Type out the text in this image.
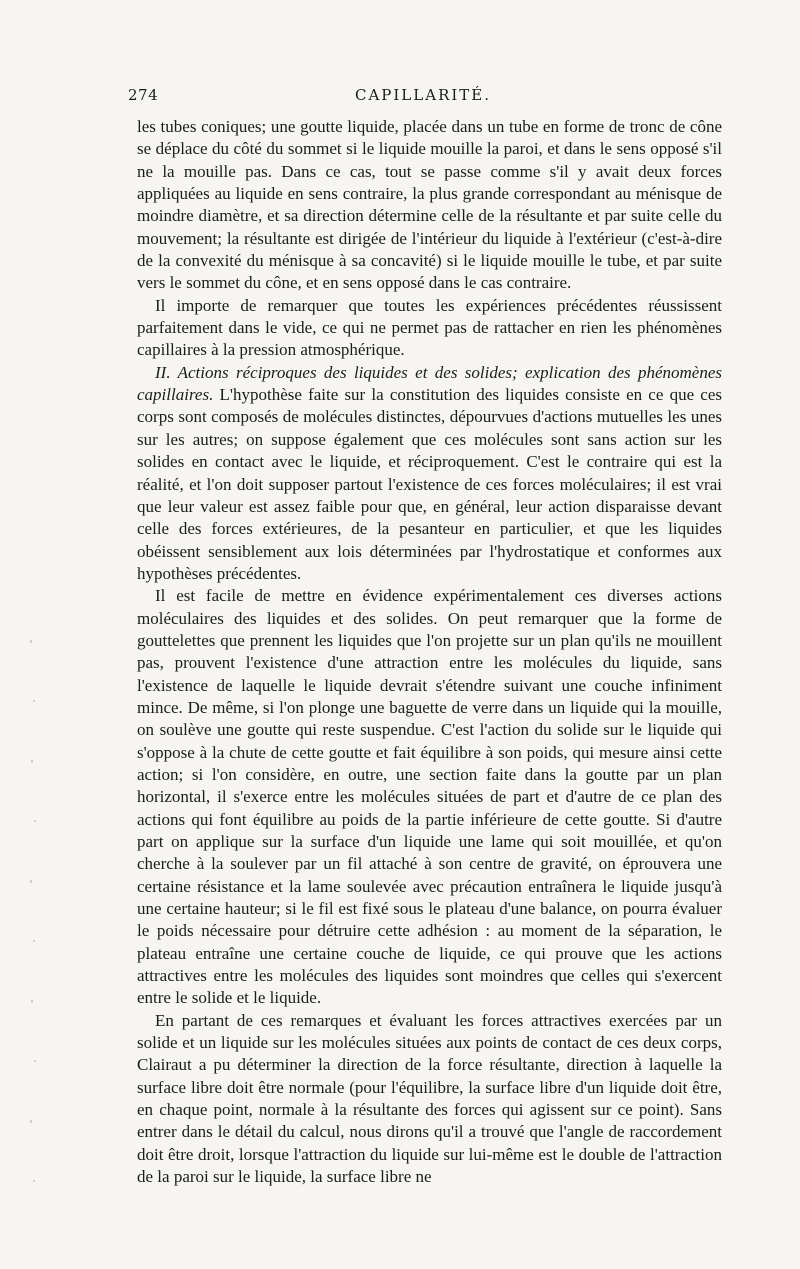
274	CAPILLARITÉ.

les tubes coniques; une goutte liquide, placée dans un tube en forme de tronc de cône se déplace du côté du sommet si le liquide mouille la paroi, et dans le sens opposé s'il ne la mouille pas. Dans ce cas, tout se passe comme s'il y avait deux forces appliquées au liquide en sens contraire, la plus grande correspondant au ménisque de moindre diamètre, et sa direction détermine celle de la résultante et par suite celle du mouvement; la résultante est dirigée de l'intérieur du liquide à l'extérieur (c'est-à-dire de la convexité du ménisque à sa concavité) si le liquide mouille le tube, et par suite vers le sommet du cône, et en sens opposé dans le cas contraire.

Il importe de remarquer que toutes les expériences précédentes réussissent parfaitement dans le vide, ce qui ne permet pas de rattacher en rien les phénomènes capillaires à la pression atmosphérique.

II. Actions réciproques des liquides et des solides; explication des phénomènes capillaires. L'hypothèse faite sur la constitution des liquides consiste en ce que ces corps sont composés de molécules distinctes, dépourvues d'actions mutuelles les unes sur les autres; on suppose également que ces molécules sont sans action sur les solides en contact avec le liquide, et réciproquement. C'est le contraire qui est la réalité, et l'on doit supposer partout l'existence de ces forces moléculaires; il est vrai que leur valeur est assez faible pour que, en général, leur action disparaisse devant celle des forces extérieures, de la pesanteur en particulier, et que les liquides obéissent sensiblement aux lois déterminées par l'hydrostatique et conformes aux hypothèses précédentes.

Il est facile de mettre en évidence expérimentalement ces diverses actions moléculaires des liquides et des solides. On peut remarquer que la forme de gouttelettes que prennent les liquides que l'on projette sur un plan qu'ils ne mouillent pas, prouvent l'existence d'une attraction entre les molécules du liquide, sans l'existence de laquelle le liquide devrait s'étendre suivant une couche infiniment mince. De même, si l'on plonge une baguette de verre dans un liquide qui la mouille, on soulève une goutte qui reste suspendue. C'est l'action du solide sur le liquide qui s'oppose à la chute de cette goutte et fait équilibre à son poids, qui mesure ainsi cette action; si l'on considère, en outre, une section faite dans la goutte par un plan horizontal, il s'exerce entre les molécules situées de part et d'autre de ce plan des actions qui font équilibre au poids de la partie inférieure de cette goutte. Si d'autre part on applique sur la surface d'un liquide une lame qui soit mouillée, et qu'on cherche à la soulever par un fil attaché à son centre de gravité, on éprouvera une certaine résistance et la lame soulevée avec précaution entraînera le liquide jusqu'à une certaine hauteur; si le fil est fixé sous le plateau d'une balance, on pourra évaluer le poids nécessaire pour détruire cette adhésion : au moment de la séparation, le plateau entraîne une certaine couche de liquide, ce qui prouve que les actions attractives entre les molécules des liquides sont moindres que celles qui s'exercent entre le solide et le liquide.

En partant de ces remarques et évaluant les forces attractives exercées par un solide et un liquide sur les molécules situées aux points de contact de ces deux corps, Clairaut a pu déterminer la direction de la force résultante, direction à laquelle la surface libre doit être normale (pour l'équilibre, la surface libre d'un liquide doit être, en chaque point, normale à la résultante des forces qui agissent sur ce point). Sans entrer dans le détail du calcul, nous dirons qu'il a trouvé que l'angle de raccordement doit être droit, lorsque l'attraction du liquide sur lui-même est le double de l'attraction de la paroi sur le liquide, la surface libre ne
